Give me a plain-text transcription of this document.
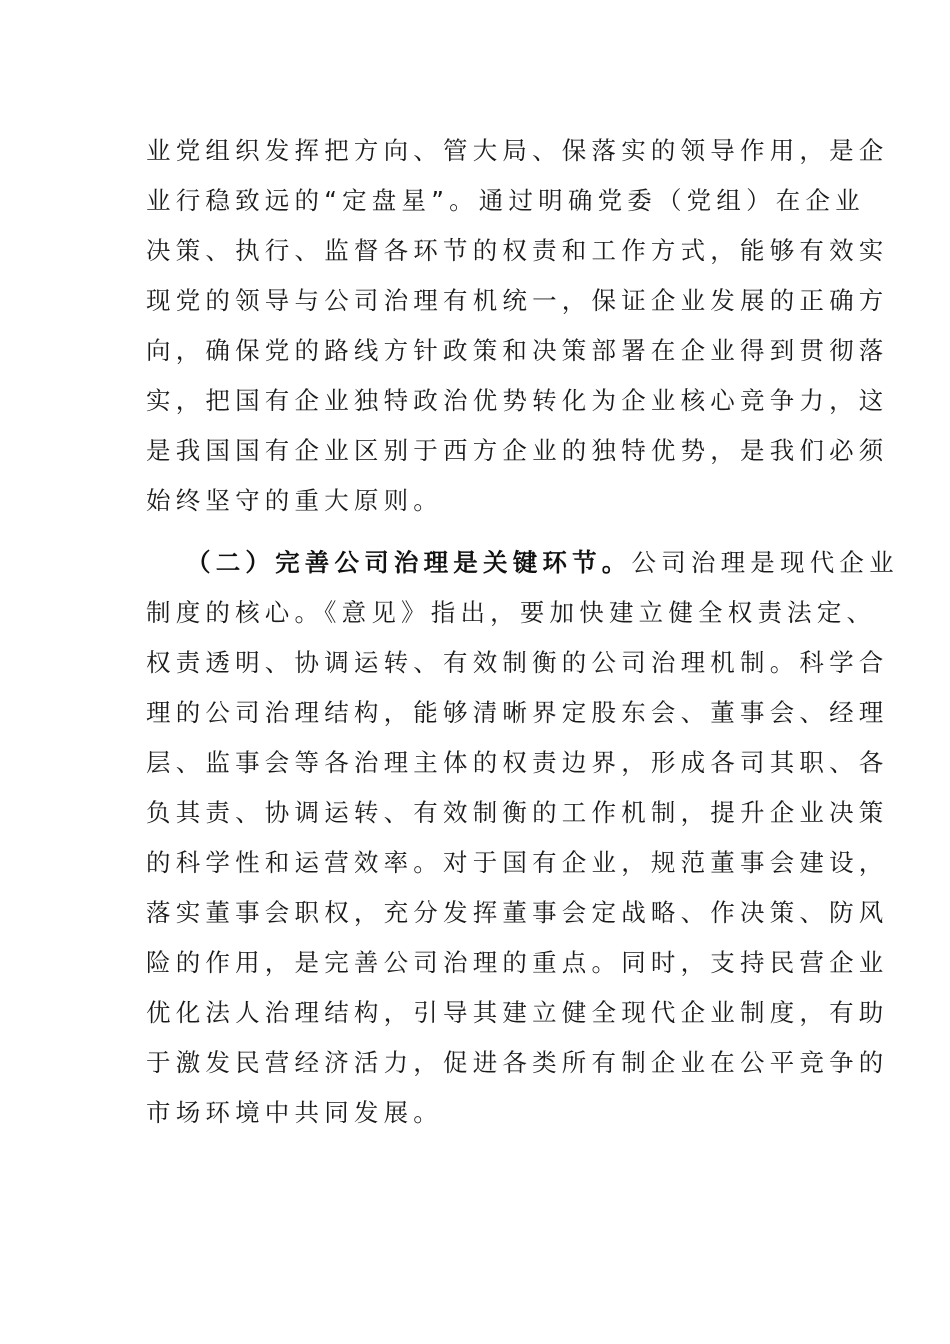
业党组织发挥把方向、管大局、保落实的领导作用，是企
业行稳致远的“定盘星”。通过明确党委（党组）在企业
决策、执行、监督各环节的权责和工作方式，能够有效实
现党的领导与公司治理有机统一，保证企业发展的正确方
向，确保党的路线方针政策和决策部署在企业得到贯彻落
实，把国有企业独特政治优势转化为企业核心竞争力，这
是我国国有企业区别于西方企业的独特优势，是我们必须
始终坚守的重大原则。
（二）完善公司治理是关键环节。公司治理是现代企业
制度的核心。《意见》指出，要加快建立健全权责法定、
权责透明、协调运转、有效制衡的公司治理机制。科学合
理的公司治理结构，能够清晰界定股东会、董事会、经理
层、监事会等各治理主体的权责边界，形成各司其职、各
负其责、协调运转、有效制衡的工作机制，提升企业决策
的科学性和运营效率。对于国有企业，规范董事会建设，
落实董事会职权，充分发挥董事会定战略、作决策、防风
险的作用，是完善公司治理的重点。同时，支持民营企业
优化法人治理结构，引导其建立健全现代企业制度，有助
于激发民营经济活力，促进各类所有制企业在公平竞争的
市场环境中共同发展。
